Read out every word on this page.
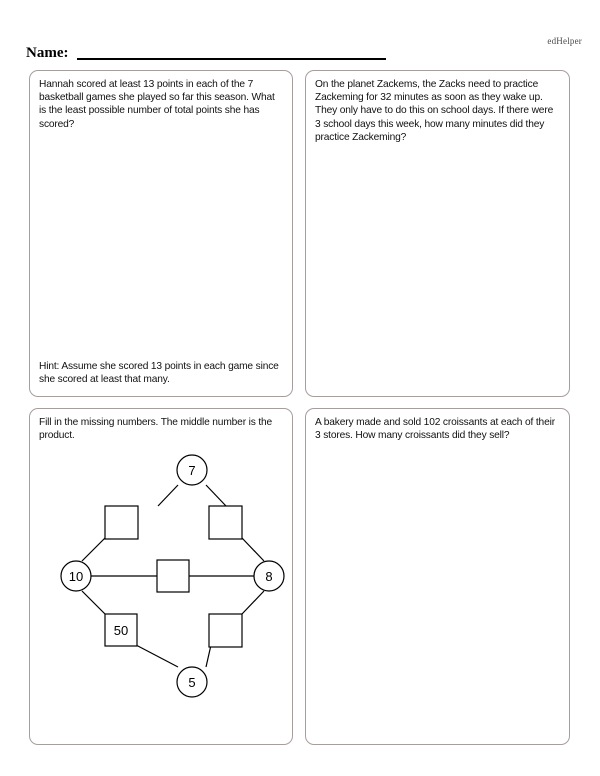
edHelper
Name:
Hannah scored at least 13 points in each of the 7 basketball games she played so far this season. What is the least possible number of total points she has scored?
Hint: Assume she scored 13 points in each game since she scored at least that many.
On the planet Zackems, the Zacks need to practice Zackeming for 32 minutes as soon as they wake up. They only have to do this on school days. If there were 3 school days this week, how many minutes did they practice Zackeming?
Fill in the missing numbers. The middle number is the product.
7
10	8
5
50
A bakery made and sold 102 croissants at each of their 3 stores. How many croissants did they sell?
